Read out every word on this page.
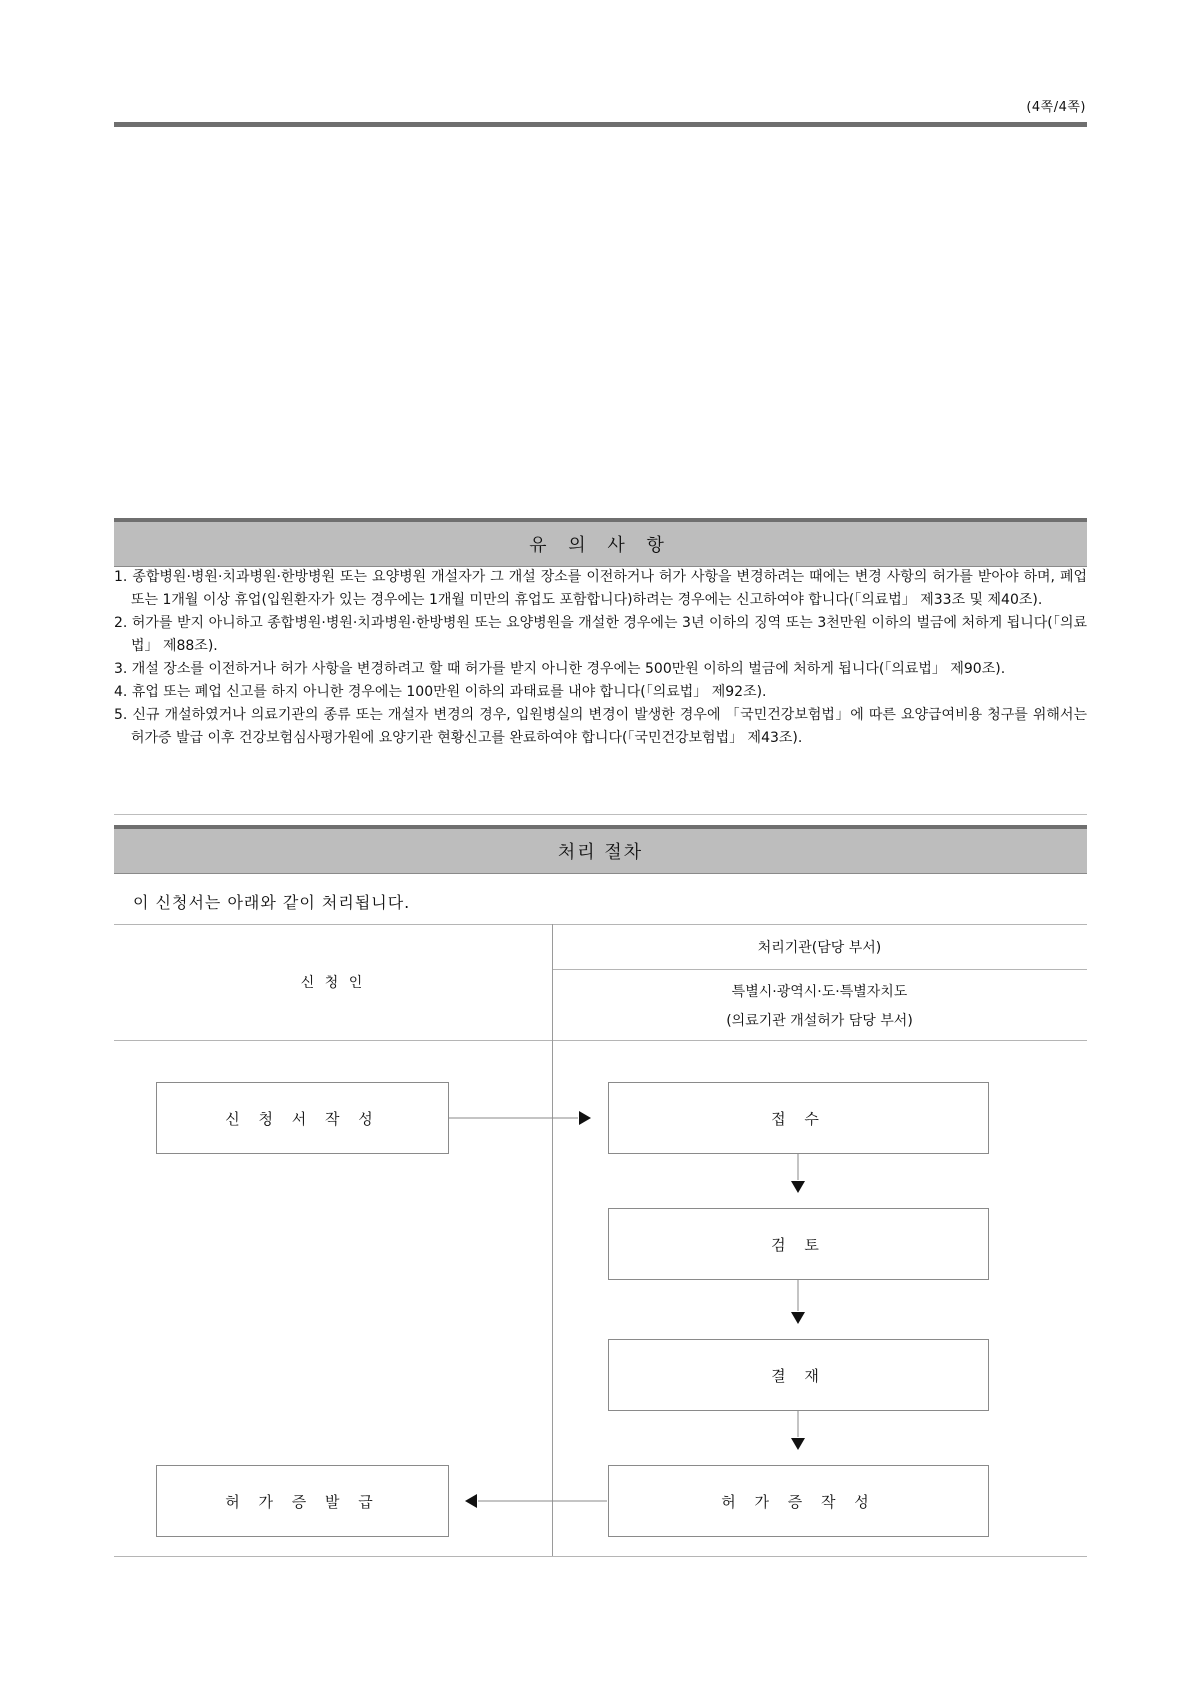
(4쪽/4쪽)
유 의 사 항

1. 종합병원·병원·치과병원·한방병원 또는 요양병원 개설자가 그 개설 장소를 이전하거나 허가 사항을 변경하려는 때에는 변경 사항의 허가를 받아야 하며, 폐업 또는 1개월 이상 휴업(입원환자가 있는 경우에는 1개월 미만의 휴업도 포함합니다)하려는 경우에는 신고하여야 합니다(「의료법」 제33조 및 제40조).

2. 허가를 받지 아니하고 종합병원·병원·치과병원·한방병원 또는 요양병원을 개설한 경우에는 3년 이하의 징역 또는 3천만원 이하의 벌금에 처하게 됩니다(「의료법」 제88조).

3. 개설 장소를 이전하거나 허가 사항을 변경하려고 할 때 허가를 받지 아니한 경우에는 500만원 이하의 벌금에 처하게 됩니다(「의료법」 제90조).

4. 휴업 또는 폐업 신고를 하지 아니한 경우에는 100만원 이하의 과태료를 내야 합니다(「의료법」 제92조).

5. 신규 개설하였거나 의료기관의 종류 또는 개설자 변경의 경우, 입원병실의 변경이 발생한 경우에 「국민건강보험법」에 따른 요양급여비용 청구를 위해서는 허가증 발급 이후 건강보험심사평가원에 요양기관 현황신고를 완료하여야 합니다(「국민건강보험법」 제43조).

처리 절차
이 신청서는 아래와 같이 처리됩니다.
신 청 인
처리기관(담당 부서)
특별시·광역시·도·특별자치도
(의료기관 개설허가 담당 부서)
신 청 서 작 성	접 수
검 토
결 재
허 가 증 작 성
허 가 증 발 급
